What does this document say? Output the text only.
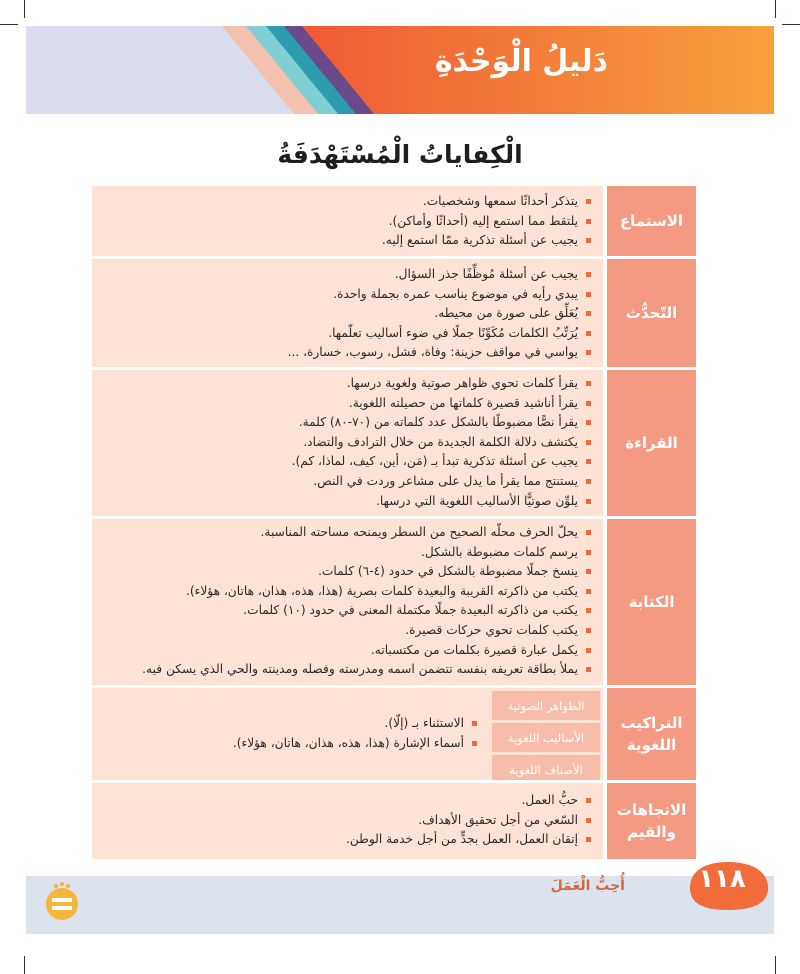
دَليلُ الْوَحْدَةِ
الْكِفاياتُ الْمُسْتَهْدَفَةُ
الاستماع
يتذكر أحداثًا سمعها وشخصيات.
يلتقط مما استمع إليه (أحداثًا وأماكن).
يجيب عن أسئلة تذكرية ممّا استمع إليه.
التّحدُّث
يجيب عن أسئلة مُوظِّفًا جذر السؤال.
يبدي رأيه في موضوع يناسب عمره بجملة واحدة.
يُعَلِّق على صورة من محيطه.
يُرَتِّبُ الكلمات مُكَوِّنًا جملًا في ضوء أساليب تعلّمها.
يواسي في مواقف حزينة: وفاة، فشل، رسوب، خسارة، ...
القراءة
يقرأ كلمات تحوي ظواهر صوتية ولغوية درسها.
يقرأ أناشيد قصيرة كلماتها من حصيلته اللغوية.
يقرأ نصًّا مضبوطًا بالشكل عدد كلماته من (٧٠-٨٠) كلمة.
يكتشف دلالة الكلمة الجديدة من خلال الترادف والتضاد.
يجيب عن أسئلة تذكرية تبدأ بـ (مَن، أين، كيف، لماذا، كم).
يستنتج مما يقرأ ما يدل على مشاعر وردت في النص.
يلوِّن صوتيًّا الأساليب اللغوية التي درسها.
الكتابة
يحلّ الحرف محلّه الصحيح من السطر ويمنحه مساحته المناسبة.
يرسم كلمات مضبوطة بالشكل.
ينسخ جملًا مضبوطة بالشكل في حدود (٤-٦) كلمات.
يكتب من ذاكرته القريبة والبعيدة كلمات بصرية (هذا، هذه، هذان، هاتان، هؤلاء).
يكتب من ذاكرته البعيدة جملًا مكتملة المعنى في حدود (١٠) كلمات.
يكتب كلمات تحوي حركات قصيرة.
يكمل عبارة قصيرة بكلمات من مكتسباته.
يملأ بطاقة تعريفه بنفسه تتضمن اسمه ومدرسته وفصله ومدينته والحي الذي يسكن فيه.
التراكيب اللغوية
الظواهر الصوتية
الأساليب اللغوية
الأصناف اللغوية
الاستثناء بـ (إلّا).
أسماء الإشارة (هذا، هذه، هذان، هاتان، هؤلاء).
الاتجاهات والقيم
حبُّ العمل.
السّعي من أجل تحقيق الأهداف.
إتقان العمل، العمل بجدٍّ من أجل خدمة الوطن.
١١٨
أُحِبُّ الْعَمَلَ
